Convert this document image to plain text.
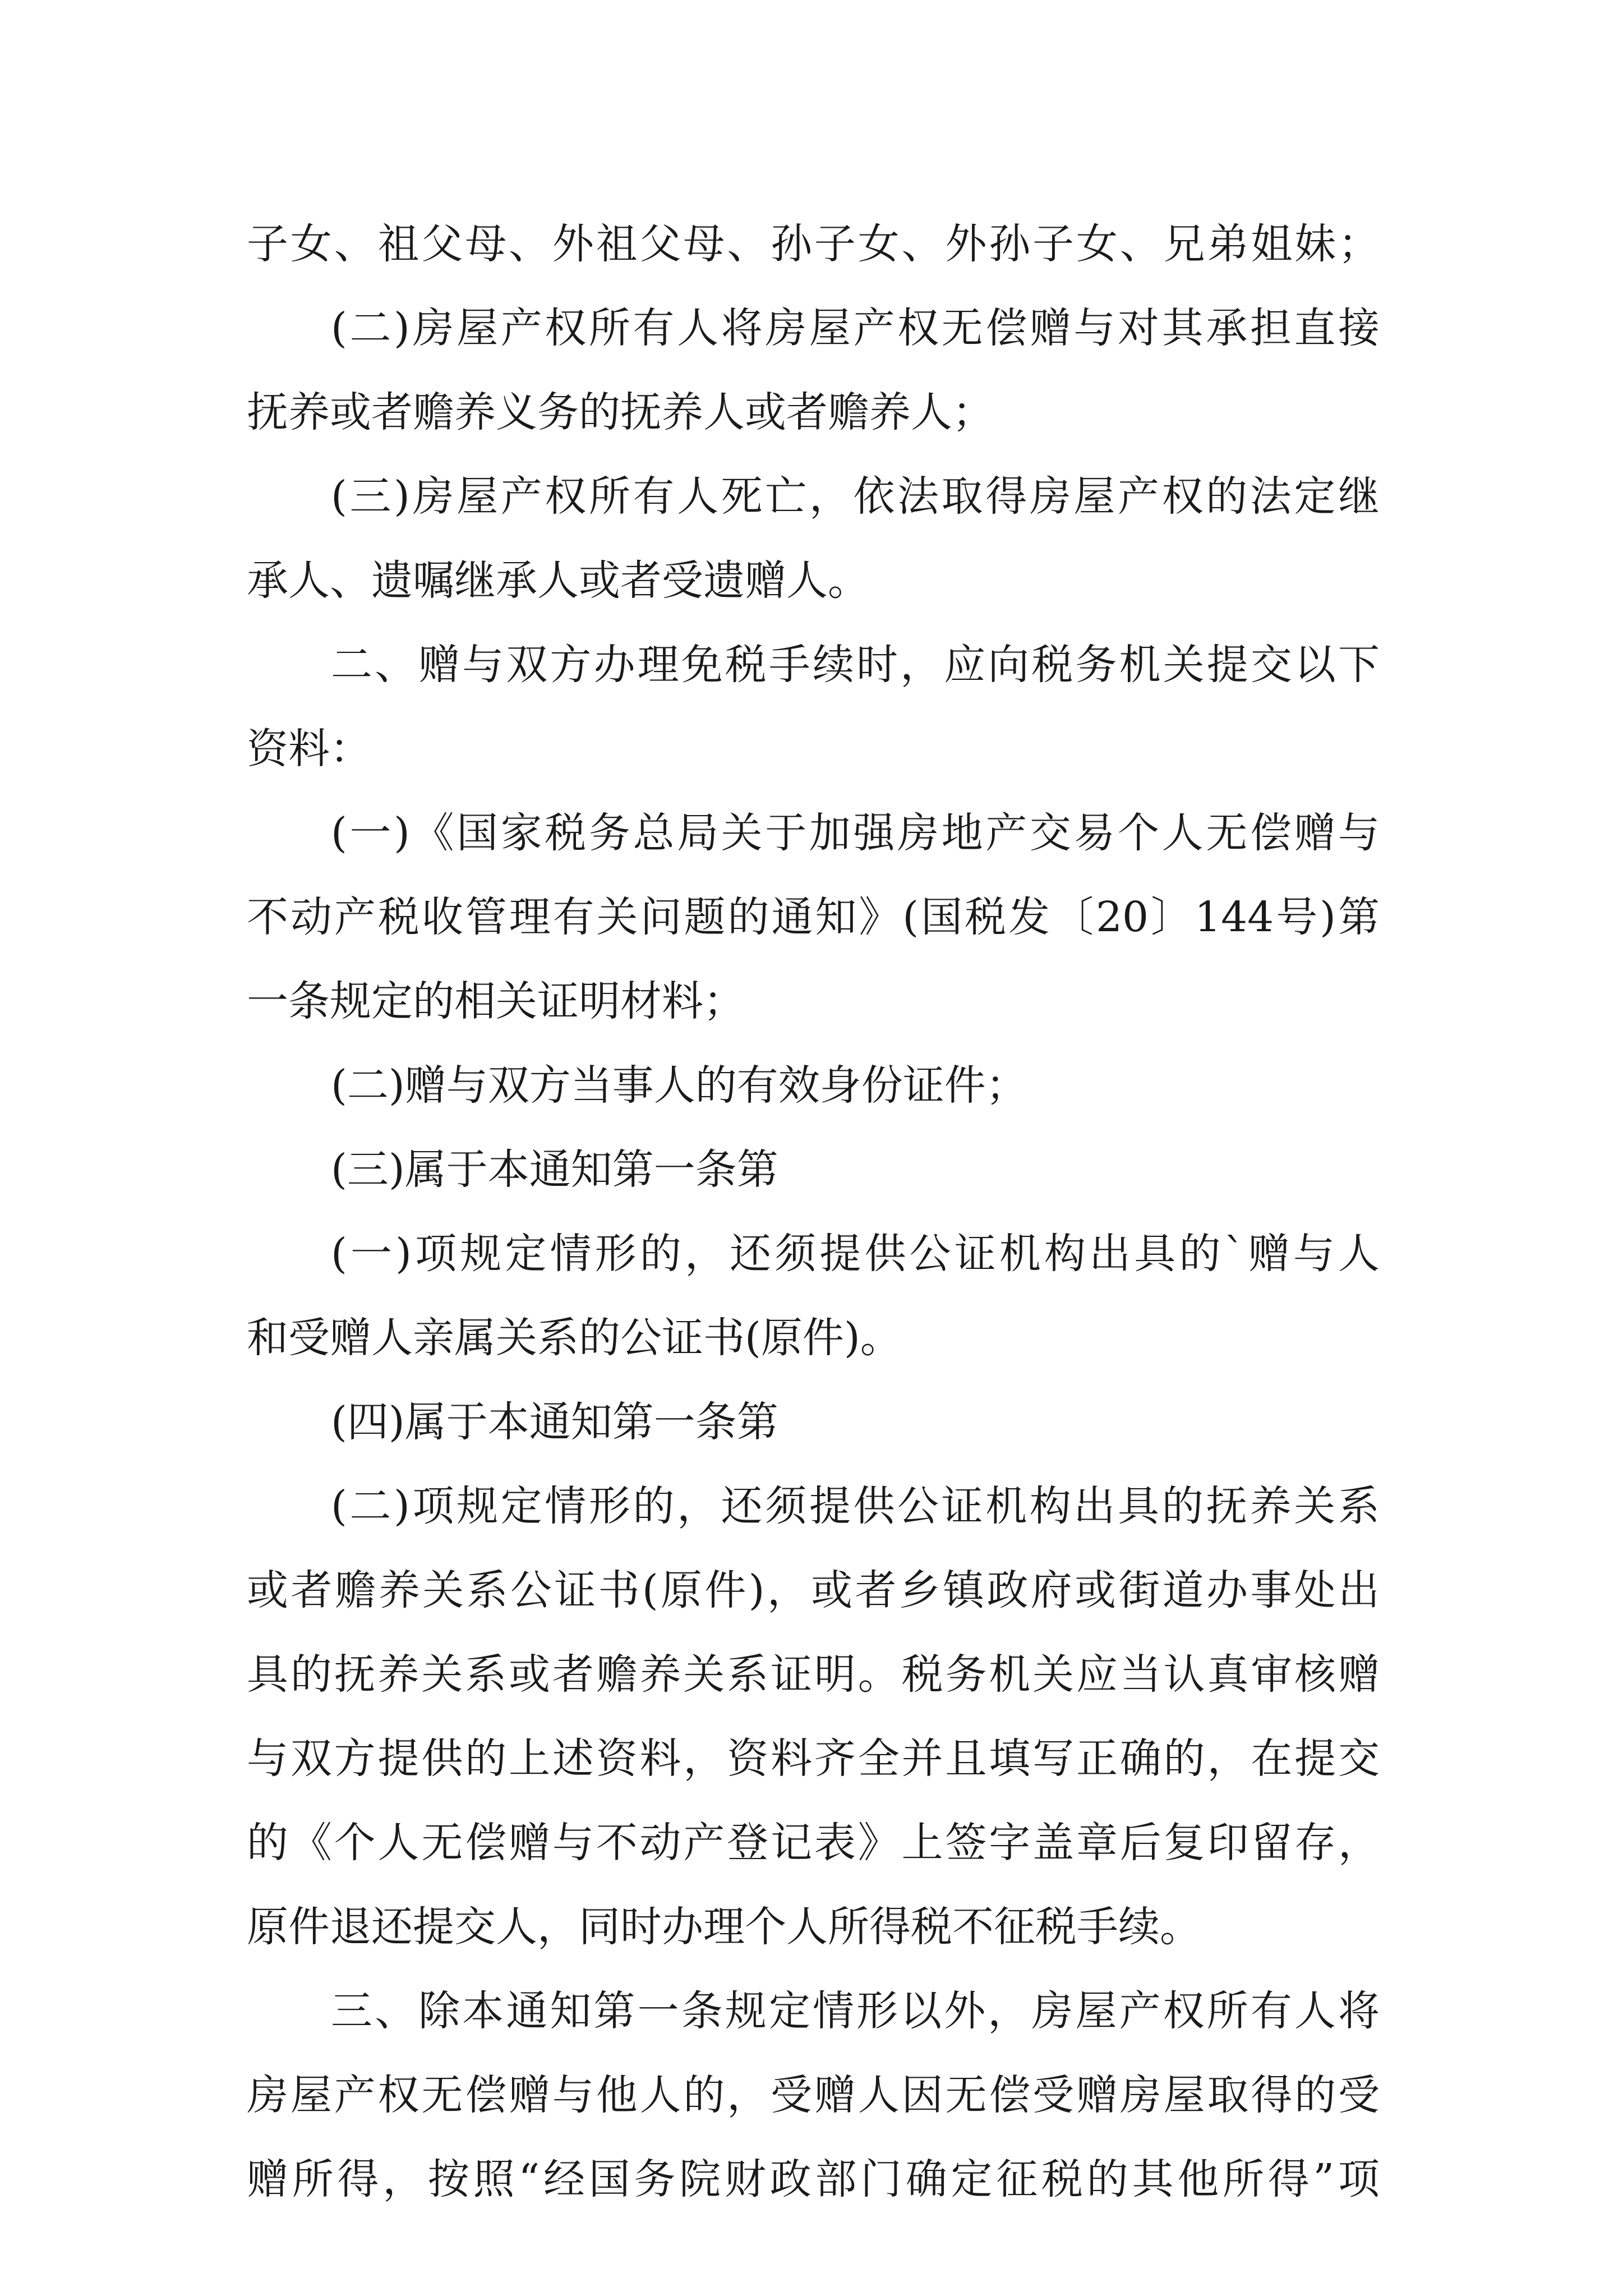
子女、祖父母、外祖父母、孙子女、外孙子女、兄弟姐妹；
(二)房屋产权所有人将房屋产权无偿赠与对其承担直接
抚养或者赡养义务的抚养人或者赡养人；
(三)房屋产权所有人死亡，依法取得房屋产权的法定继
承人、遗嘱继承人或者受遗赠人。
二、赠与双方办理免税手续时，应向税务机关提交以下
资料：
(一)《国家税务总局关于加强房地产交易个人无偿赠与
不动产税收管理有关问题的通知》(国税发〔20〕144号)第
一条规定的相关证明材料；
(二)赠与双方当事人的有效身份证件；
(三)属于本通知第一条第
(一)项规定情形的，还须提供公证机构出具的`赠与人
和受赠人亲属关系的公证书(原件)。
(四)属于本通知第一条第
(二)项规定情形的，还须提供公证机构出具的抚养关系
或者赡养关系公证书(原件)，或者乡镇政府或街道办事处出
具的抚养关系或者赡养关系证明。税务机关应当认真审核赠
与双方提供的上述资料，资料齐全并且填写正确的，在提交
的《个人无偿赠与不动产登记表》上签字盖章后复印留存，
原件退还提交人，同时办理个人所得税不征税手续。
三、除本通知第一条规定情形以外，房屋产权所有人将
房屋产权无偿赠与他人的，受赠人因无偿受赠房屋取得的受
赠所得，按照“经国务院财政部门确定征税的其他所得”项
